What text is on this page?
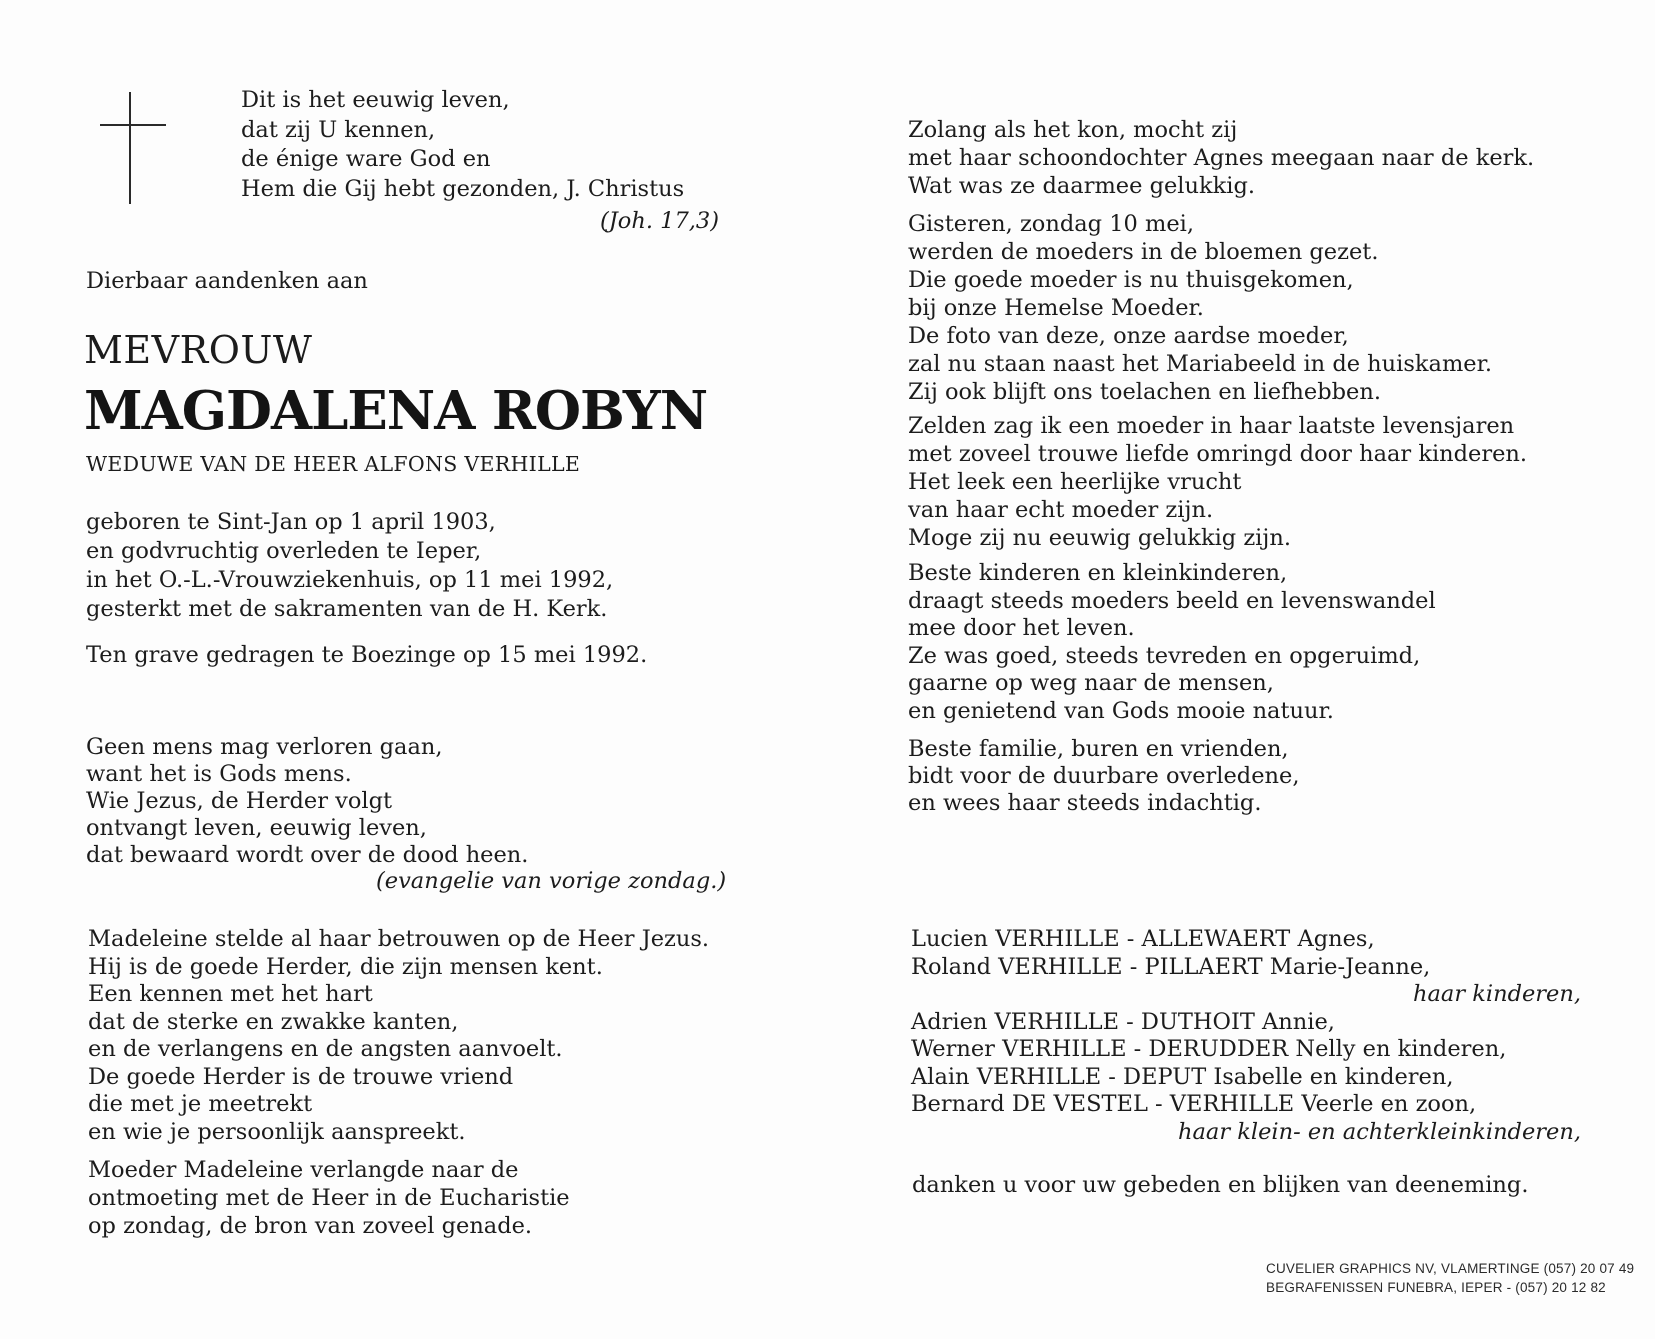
Dit is het eeuwig leven,
dat zij U kennen,
de énige ware God en
Hem die Gij hebt gezonden, J. Christus
(Joh. 17,3)
Dierbaar aandenken aan
MEVROUW
MAGDALENA ROBYN
WEDUWE VAN DE HEER ALFONS VERHILLE
geboren te Sint-Jan op 1 april 1903,
en godvruchtig overleden te Ieper,
in het O.-L.-Vrouwziekenhuis, op 11 mei 1992,
gesterkt met de sakramenten van de H. Kerk.
Ten grave gedragen te Boezinge op 15 mei 1992.
Geen mens mag verloren gaan,
want het is Gods mens.
Wie Jezus, de Herder volgt
ontvangt leven, eeuwig leven,
dat bewaard wordt over de dood heen.
(evangelie van vorige zondag.)
Madeleine stelde al haar betrouwen op de Heer Jezus.
Hij is de goede Herder, die zijn mensen kent.
Een kennen met het hart
dat de sterke en zwakke kanten,
en de verlangens en de angsten aanvoelt.
De goede Herder is de trouwe vriend
die met je meetrekt
en wie je persoonlijk aanspreekt.
Moeder Madeleine verlangde naar de
ontmoeting met de Heer in de Eucharistie
op zondag, de bron van zoveel genade.
Zolang als het kon, mocht zij
met haar schoondochter Agnes meegaan naar de kerk.
Wat was ze daarmee gelukkig.
Gisteren, zondag 10 mei,
werden de moeders in de bloemen gezet.
Die goede moeder is nu thuisgekomen,
bij onze Hemelse Moeder.
De foto van deze, onze aardse moeder,
zal nu staan naast het Mariabeeld in de huiskamer.
Zij ook blijft ons toelachen en liefhebben.
Zelden zag ik een moeder in haar laatste levensjaren
met zoveel trouwe liefde omringd door haar kinderen.
Het leek een heerlijke vrucht
van haar echt moeder zijn.
Moge zij nu eeuwig gelukkig zijn.
Beste kinderen en kleinkinderen,
draagt steeds moeders beeld en levenswandel
mee door het leven.
Ze was goed, steeds tevreden en opgeruimd,
gaarne op weg naar de mensen,
en genietend van Gods mooie natuur.
Beste familie, buren en vrienden,
bidt voor de duurbare overledene,
en wees haar steeds indachtig.
Lucien VERHILLE - ALLEWAERT Agnes,
Roland VERHILLE - PILLAERT Marie-Jeanne,
haar kinderen,
Adrien VERHILLE - DUTHOIT Annie,
Werner VERHILLE - DERUDDER Nelly en kinderen,
Alain VERHILLE - DEPUT Isabelle en kinderen,
Bernard DE VESTEL - VERHILLE Veerle en zoon,
haar klein- en achterkleinkinderen,
danken u voor uw gebeden en blijken van deeneming.
CUVELIER GRAPHICS NV, VLAMERTINGE (057) 20 07 49
BEGRAFENISSEN FUNEBRA, IEPER - (057) 20 12 82
